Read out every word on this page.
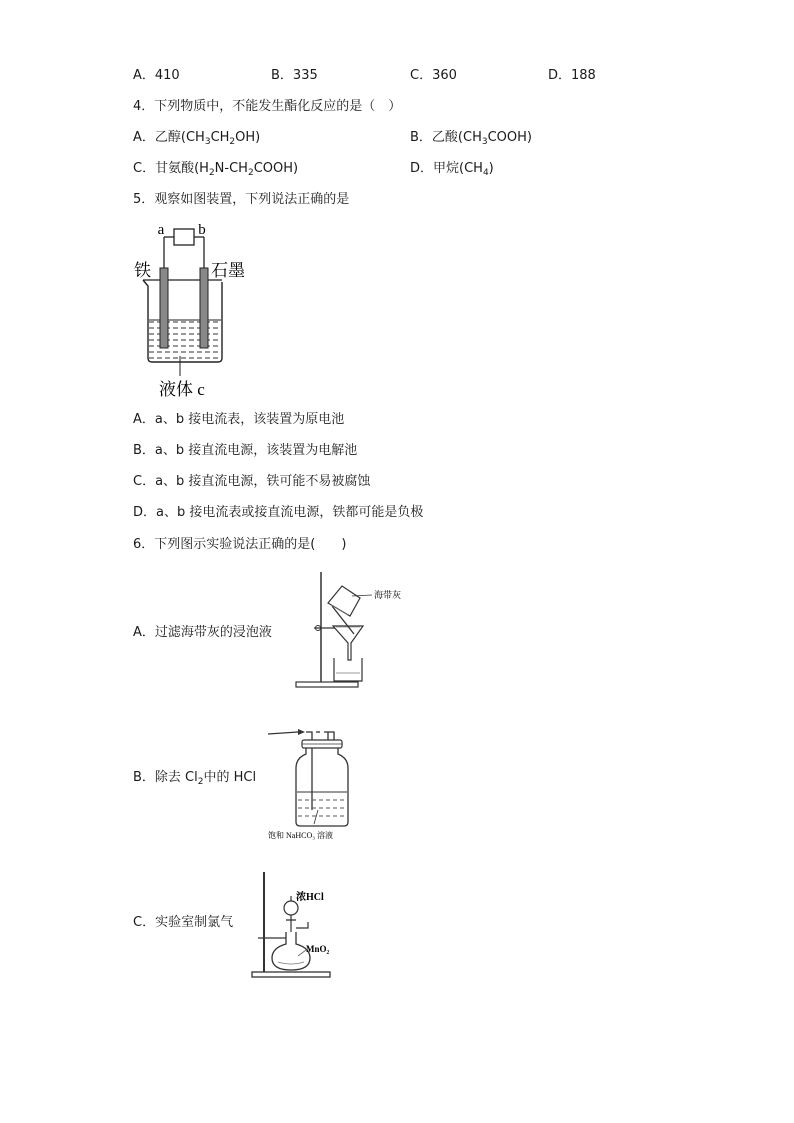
A．410	B．335	C．360	D．188
4．下列物质中，不能发生酯化反应的是（　）
A．乙醇$(CH_3CH_2OH)$	B．乙酸$(CH_3COOH)$
C．甘氨酸$(H_2N-CH_2COOH)$	D．甲烷$(CH_4)$
5．观察如图装置，下列说法正确的是
a b
铁	石墨
液体 c
A．a、b 接电流表，该装置为原电池
B．a、b 接直流电源，该装置为电解池
C．a、b 接直流电源，铁可能不易被腐蚀
D．a、b 接电流表或接直流电源，铁都可能是负极
6．下列图示实验说法正确的是(　　)
A．过滤海带灰的浸泡液
海带灰
B．除去 $Cl_2$中的 HCl
饱和 NaHCO₃ 溶液
C．实验室制氯气
浓HCl
MnO₂
